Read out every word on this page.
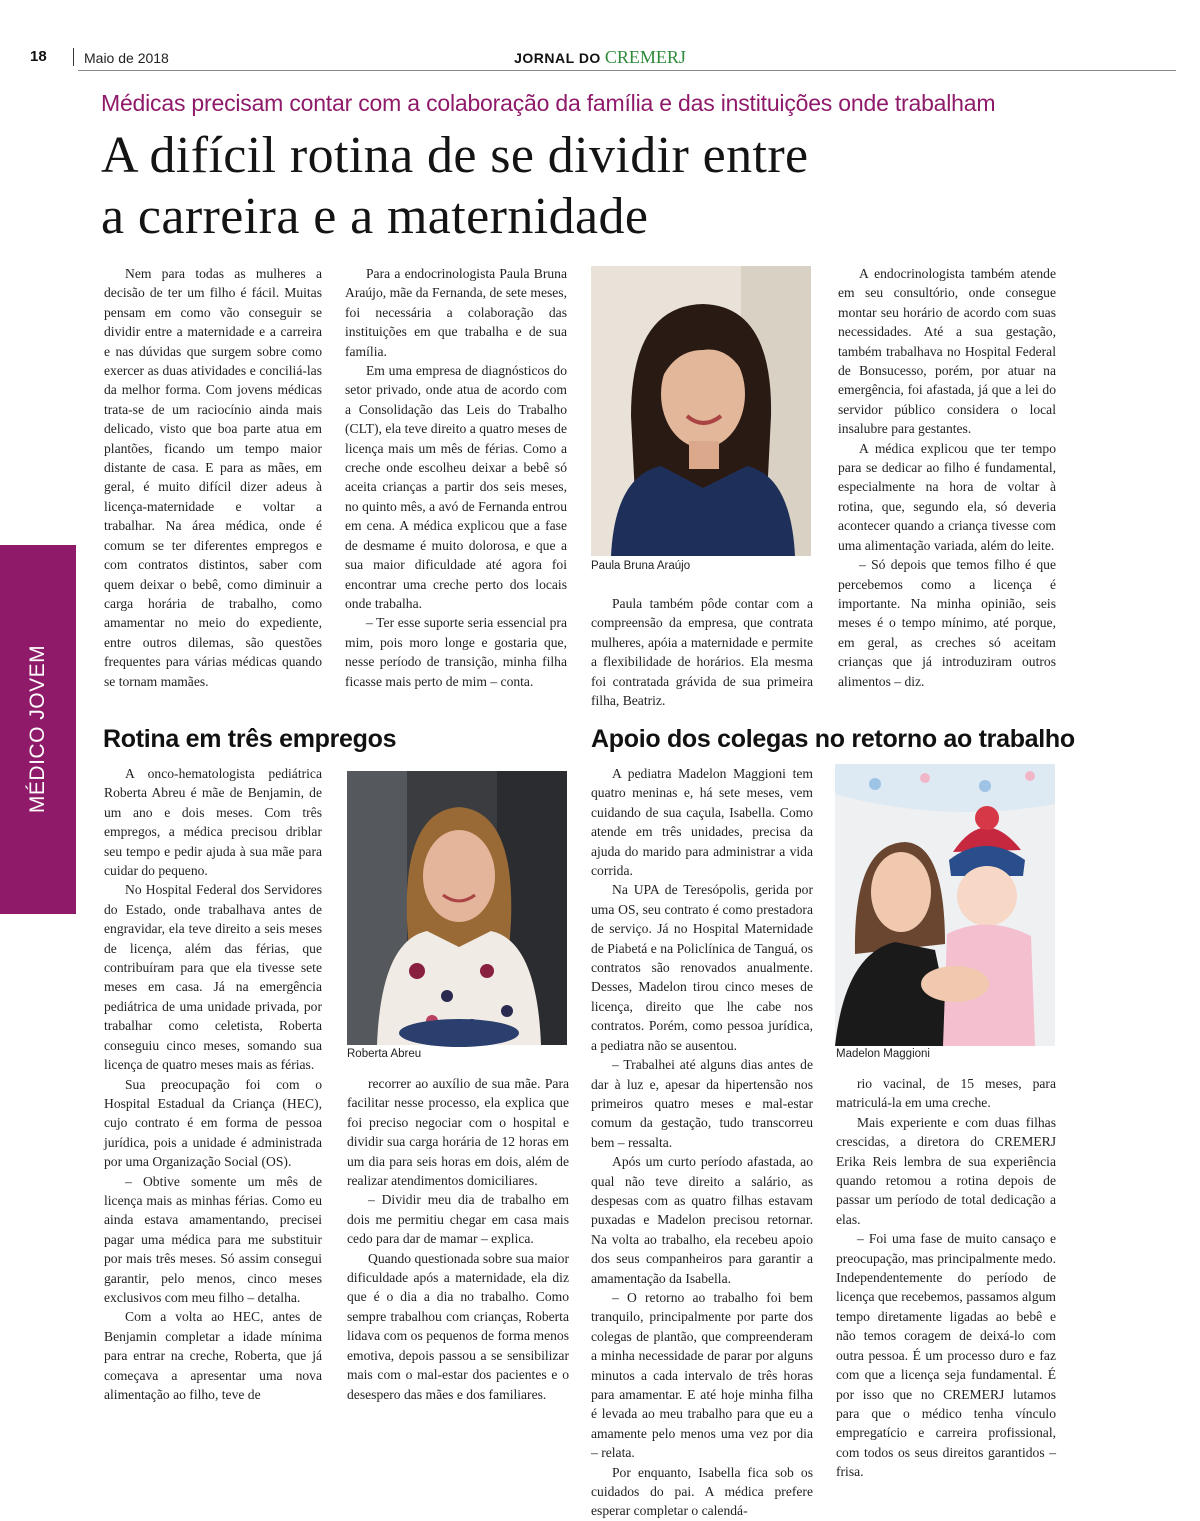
18	Maio de 2018	JORNAL DO CREMERJ
MÉDICO JOVEM
Médicas precisam contar com a colaboração da família e das instituições onde trabalham
A difícil rotina de se dividir entre
a carreira e a maternidade

Nem para todas as mulheres a decisão de ter um filho é fácil. Muitas pensam em como vão conseguir se dividir entre a maternidade e a carreira e nas dúvidas que surgem sobre como exercer as duas atividades e conciliá-las da melhor forma. Com jovens médicas trata-se de um raciocínio ainda mais delicado, visto que boa parte atua em plantões, ficando um tempo maior distante de casa. E para as mães, em geral, é muito difícil dizer adeus à licença-maternidade e voltar a trabalhar. Na área médica, onde é comum se ter diferentes empregos e com contratos distintos, saber com quem deixar o bebê, como diminuir a carga horária de trabalho, como amamentar no meio do expediente, entre outros dilemas, são questões frequentes para várias médicas quando se tornam mamães.

Para a endocrinologista Paula Bruna Araújo, mãe da Fernanda, de sete meses, foi necessária a colaboração das instituições em que trabalha e de sua família.

Em uma empresa de diagnósticos do setor privado, onde atua de acordo com a Consolidação das Leis do Trabalho (CLT), ela teve direito a quatro meses de licença mais um mês de férias. Como a creche onde escolheu deixar a bebê só aceita crianças a partir dos seis meses, no quinto mês, a avó de Fernanda entrou em cena. A médica explicou que a fase de desmame é muito dolorosa, e que a sua maior dificuldade até agora foi encontrar uma creche perto dos locais onde trabalha.

– Ter esse suporte seria essencial pra mim, pois moro longe e gostaria que, nesse período de transição, minha filha ficasse mais perto de mim – conta.

Paula Bruna Araújo

Paula também pôde contar com a compreensão da empresa, que contrata mulheres, apóia a maternidade e permite a flexibilidade de horários. Ela mesma foi contratada grávida de sua primeira filha, Beatriz.

A endocrinologista também atende em seu consultório, onde consegue montar seu horário de acordo com suas necessidades. Até a sua gestação, também trabalhava no Hospital Federal de Bonsucesso, porém, por atuar na emergência, foi afastada, já que a lei do servidor público considera o local insalubre para gestantes.

A médica explicou que ter tempo para se dedicar ao filho é fundamental, especialmente na hora de voltar à rotina, que, segundo ela, só deveria acontecer quando a criança tivesse com uma alimentação variada, além do leite.

– Só depois que temos filho é que percebemos como a licença é importante. Na minha opinião, seis meses é o tempo mínimo, até porque, em geral, as creches só aceitam crianças que já introduziram outros alimentos – diz.

Rotina em três empregos

A onco-hematologista pediátrica Roberta Abreu é mãe de Benjamin, de um ano e dois meses. Com três empregos, a médica precisou driblar seu tempo e pedir ajuda à sua mãe para cuidar do pequeno.

No Hospital Federal dos Servidores do Estado, onde trabalhava antes de engravidar, ela teve direito a seis meses de licença, além das férias, que contribuíram para que ela tivesse sete meses em casa. Já na emergência pediátrica de uma unidade privada, por trabalhar como celetista, Roberta conseguiu cinco meses, somando sua licença de quatro meses mais as férias.

Sua preocupação foi com o Hospital Estadual da Criança (HEC), cujo contrato é em forma de pessoa jurídica, pois a unidade é administrada por uma Organização Social (OS).

– Obtive somente um mês de licença mais as minhas férias. Como eu ainda estava amamentando, precisei pagar uma médica para me substituir por mais três meses. Só assim consegui garantir, pelo menos, cinco meses exclusivos com meu filho – detalha.

Com a volta ao HEC, antes de Benjamin completar a idade mínima para entrar na creche, Roberta, que já começava a apresentar uma nova alimentação ao filho, teve de

Roberta Abreu

recorrer ao auxílio de sua mãe. Para facilitar nesse processo, ela explica que foi preciso negociar com o hospital e dividir sua carga horária de 12 horas em um dia para seis horas em dois, além de realizar atendimentos domiciliares.

– Dividir meu dia de trabalho em dois me permitiu chegar em casa mais cedo para dar de mamar – explica.

Quando questionada sobre sua maior dificuldade após a maternidade, ela diz que é o dia a dia no trabalho. Como sempre trabalhou com crianças, Roberta lidava com os pequenos de forma menos emotiva, depois passou a se sensibilizar mais com o mal-estar dos pacientes e o desespero das mães e dos familiares.

Apoio dos colegas no retorno ao trabalho

A pediatra Madelon Maggioni tem quatro meninas e, há sete meses, vem cuidando de sua caçula, Isabella. Como atende em três unidades, precisa da ajuda do marido para administrar a vida corrida.

Na UPA de Teresópolis, gerida por uma OS, seu contrato é como prestadora de serviço. Já no Hospital Maternidade de Piabetá e na Policlínica de Tanguá, os contratos são renovados anualmente. Desses, Madelon tirou cinco meses de licença, direito que lhe cabe nos contratos. Porém, como pessoa jurídica, a pediatra não se ausentou.

– Trabalhei até alguns dias antes de dar à luz e, apesar da hipertensão nos primeiros quatro meses e mal-estar comum da gestação, tudo transcorreu bem – ressalta.

Após um curto período afastada, ao qual não teve direito a salário, as despesas com as quatro filhas estavam puxadas e Madelon precisou retornar. Na volta ao trabalho, ela recebeu apoio dos seus companheiros para garantir a amamentação da Isabella.

– O retorno ao trabalho foi bem tranquilo, principalmente por parte dos colegas de plantão, que compreenderam a minha necessidade de parar por alguns minutos a cada intervalo de três horas para amamentar. E até hoje minha filha é levada ao meu trabalho para que eu a amamente pelo menos uma vez por dia – relata.

Por enquanto, Isabella fica sob os cuidados do pai. A médica prefere esperar completar o calendá-

Madelon Maggioni

rio vacinal, de 15 meses, para matriculá-la em uma creche.

Mais experiente e com duas filhas crescidas, a diretora do CREMERJ Erika Reis lembra de sua experiência quando retomou a rotina depois de passar um período de total dedicação a elas.

– Foi uma fase de muito cansaço e preocupação, mas principalmente medo. Independentemente do período de licença que recebemos, passamos algum tempo diretamente ligadas ao bebê e não temos coragem de deixá-lo com outra pessoa. É um processo duro e faz com que a licença seja fundamental. É por isso que no CREMERJ lutamos para que o médico tenha vínculo empregatício e carreira profissional, com todos os seus direitos garantidos – frisa.
